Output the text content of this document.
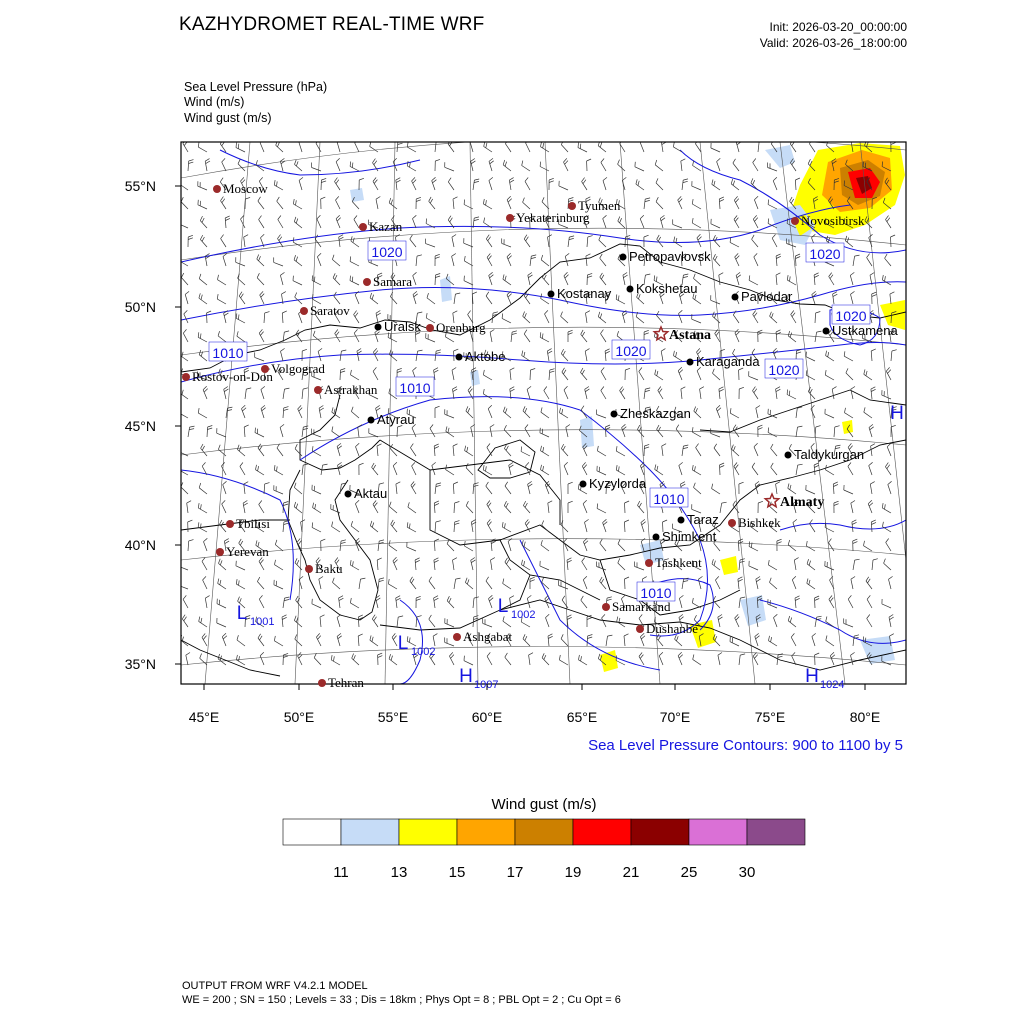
KAZHYDROMET REAL-TIME WRF	Init: 2026-03-20_00:00:00
Valid: 2026-03-26_18:00:00
Sea Level Pressure (hPa)
Wind (m/s)
Wind gust (m/s)
1020	1020
1020
1020
1020
1010
1010
1010
1010
L 1001
L 1002
L 1002
H 1007	H 1024
H
Moscow
Kazan
Tyumen
Yekaterinburg
Samara
Saratov
Orenburg
Volgograd
Rostov-on-Don
Astrakhan
Novosibirsk
Tbilisi
Yerevan
Baku
Ashgabat
Tehran
Samarkand
Dushanbe
Tashkent
Bishkek
Petropavlovsk
Kostanay Kokshetau
Pavlodar
Uralsk
Aktobe
Ustkamena
Karaganda
Atyrau	Zheskazgan
Taldykurgan
Kyzylorda
Aktau
Taraz
Shimkent
Astana
Almaty
55°N
50°N
45°N
40°N
35°N
45°E	50°E	55°E	60°E	65°E	70°E	75°E	80°E
Sea Level Pressure Contours: 900 to 1100 by 5
Wind gust (m/s)
11	13	15	17	19	21	25	30
OUTPUT FROM WRF V4.2.1 MODEL
WE = 200 ; SN = 150 ; Levels = 33 ; Dis = 18km ; Phys Opt = 8 ; PBL Opt = 2 ; Cu Opt = 6
